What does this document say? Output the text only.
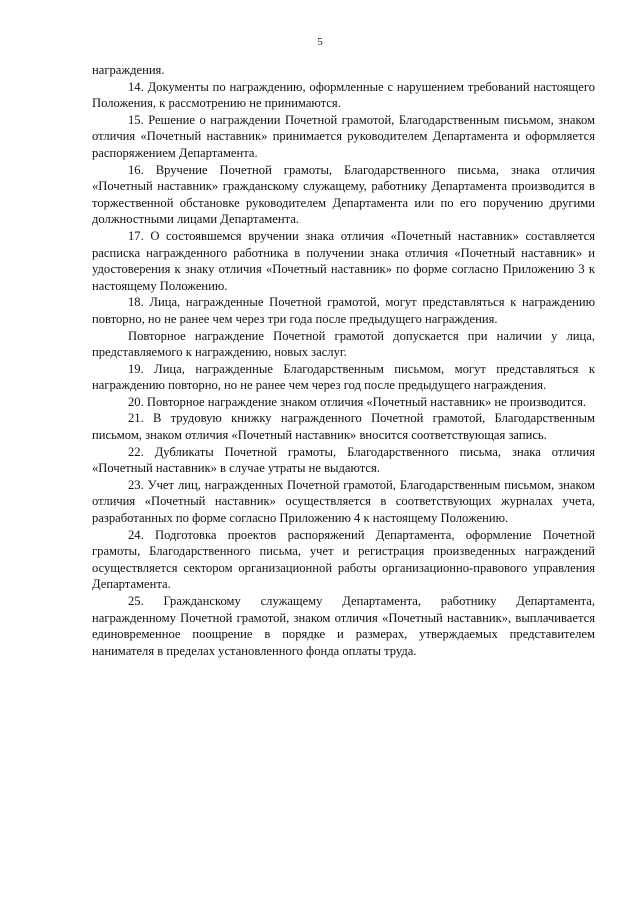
5

награждения.

14. Документы по награждению, оформленные с нарушением требований настоящего Положения, к рассмотрению не принимаются.

15. Решение о награждении Почетной грамотой, Благодарственным письмом, знаком отличия «Почетный наставник» принимается руководителем Департамента и оформляется распоряжением Департамента.

16. Вручение Почетной грамоты, Благодарственного письма, знака отличия «Почетный наставник» гражданскому служащему, работнику Департамента производится в торжественной обстановке руководителем Департамента или по его поручению другими должностными лицами Департамента.

17. О состоявшемся вручении знака отличия «Почетный наставник» составляется расписка награжденного работника в получении знака отличия «Почетный наставник» и удостоверения к знаку отличия «Почетный наставник» по форме согласно Приложению 3 к настоящему Положению.

18. Лица, награжденные Почетной грамотой, могут представляться к награждению повторно, но не ранее чем через три года после предыдущего награждения.

Повторное награждение Почетной грамотой допускается при наличии у лица, представляемого к награждению, новых заслуг.

19. Лица, награжденные Благодарственным письмом, могут представляться к награждению повторно, но не ранее чем через год после предыдущего награждения.

20. Повторное награждение знаком отличия «Почетный наставник» не производится.

21. В трудовую книжку награжденного Почетной грамотой, Благодарственным письмом, знаком отличия «Почетный наставник» вносится соответствующая запись.

22. Дубликаты Почетной грамоты, Благодарственного письма, знака отличия «Почетный наставник» в случае утраты не выдаются.

23. Учет лиц, награжденных Почетной грамотой, Благодарственным письмом, знаком отличия «Почетный наставник» осуществляется в соответствующих журналах учета, разработанных по форме согласно Приложению 4 к настоящему Положению.

24. Подготовка проектов распоряжений Департамента, оформление Почетной грамоты, Благодарственного письма, учет и регистрация произведенных награждений осуществляется сектором организационной работы организационно-правового управления Департамента.

25. Гражданскому служащему Департамента, работнику Департамента, награжденному Почетной грамотой, знаком отличия «Почетный наставник», выплачивается единовременное поощрение в порядке и размерах, утверждаемых представителем нанимателя в пределах установленного фонда оплаты труда.
